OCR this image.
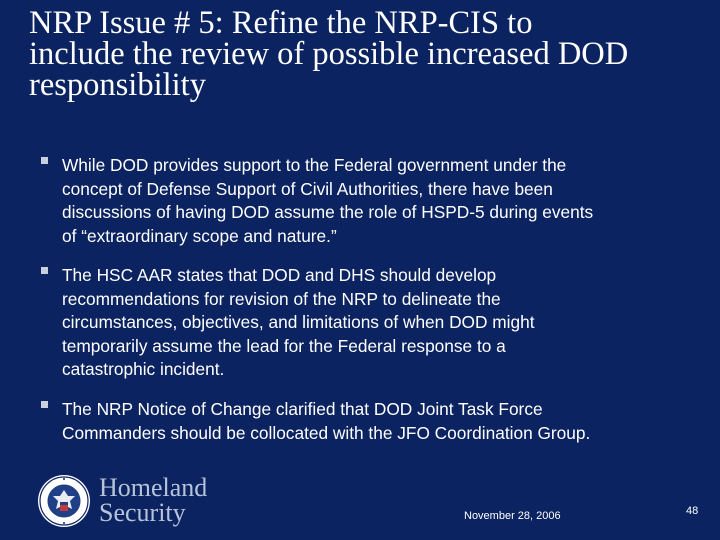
NRP Issue # 5: Refine the NRP-CIS to
include the review of possible increased DOD
responsibility
While DOD provides support to the Federal government under the
concept of Defense Support of Civil Authorities, there have been
discussions of having DOD assume the role of HSPD-5 during events
of “extraordinary scope and nature.”
The HSC AAR states that DOD and DHS should develop
recommendations for revision of the NRP to delineate the
circumstances, objectives, and limitations of when DOD might
temporarily assume the lead for the Federal response to a
catastrophic incident.
The NRP Notice of Change clarified that DOD Joint Task Force
Commanders should be collocated with the JFO Coordination Group.
Homeland
Security	November 28, 2006	48
